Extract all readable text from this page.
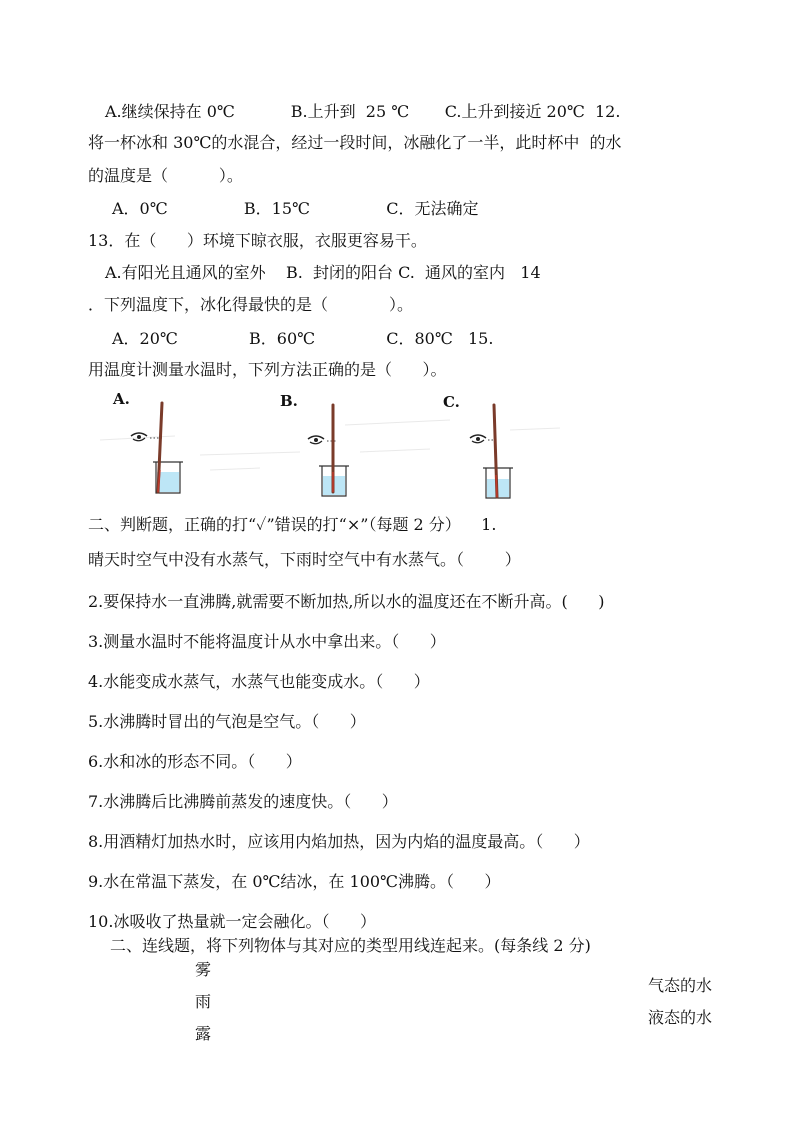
A.继续保持在 0℃           B.上升到  25 ℃       C.上升到接近 20℃  12.
将一杯冰和 30℃的水混合，经过一段时间，冰融化了一半，此时杯中  的水
的温度是（          ）。
A．0℃               B．15℃               C．无法确定
13．在（      ）环境下晾衣服，衣服更容易干。
A.有阳光且通风的室外    B.  封闭的阳台 C.  通风的室内   14
．下列温度下，冰化得最快的是（            ）。
A．20℃              B．60℃              C．80℃   15.
用温度计测量水温时，下列方法正确的是（      ）。
A.	B.	C.
二、判断题，正确的打“✓”错误的打“×”（每题 2 分）    1.
晴天时空气中没有水蒸气，下雨时空气中有水蒸气。（        ）
2.要保持水一直沸腾,就需要不断加热,所以水的温度还在不断升高。(      )
3.测量水温时不能将温度计从水中拿出来。（      ）
4.水能变成水蒸气，水蒸气也能变成水。（      ）
5.水沸腾时冒出的气泡是空气。（      ）
6.水和冰的形态不同。（      ）
7.水沸腾后比沸腾前蒸发的速度快。（      ）
8.用酒精灯加热水时，应该用内焰加热，因为内焰的温度最高。（      ）
9.水在常温下蒸发，在 0℃结冰，在 100℃沸腾。（      ）
10.冰吸收了热量就一定会融化。（      ）
二、连线题，将下列物体与其对应的类型用线连起来。(每条线 2 分)
雾
雨
露
气态的水
液态的水
